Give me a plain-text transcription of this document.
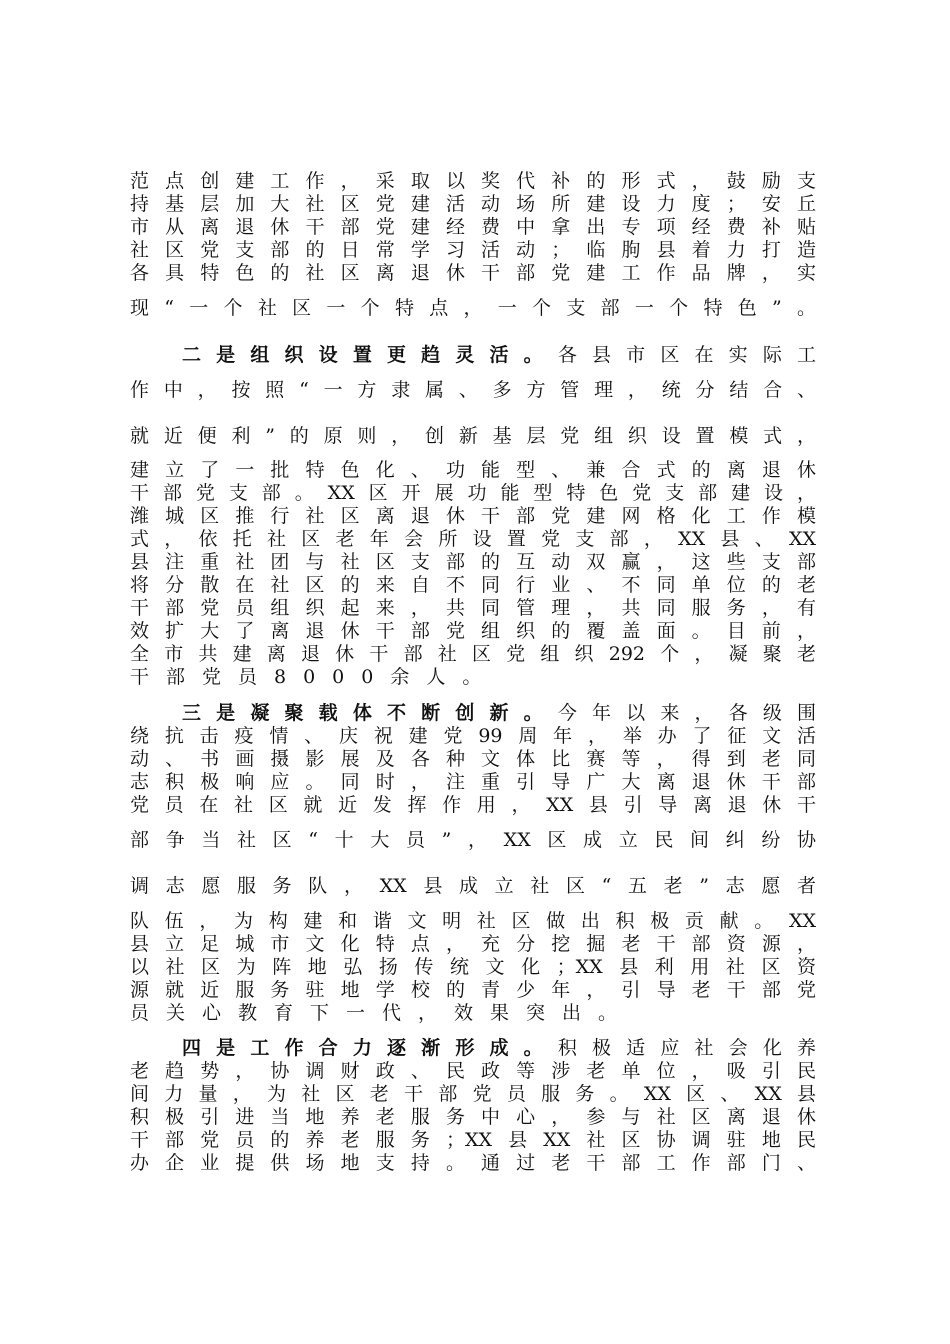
范点创建工作，采取以奖代补的形式，鼓励支
持基层加大社区党建活动场所建设力度；安丘
市从离退休干部党建经费中拿出专项经费补贴
社区党支部的日常学习活动；临朐县着力打造
各具特色的社区离退休干部党建工作品牌，实
现“一个社区一个特点，一个支部一个特色”。
二是组织设置更趋灵活。各县市区在实际工
作中，按照“一方隶属、多方管理，统分结合、
就近便利”的原则，创新基层党组织设置模式，
建立了一批特色化、功能型、兼合式的离退休
干部党支部。XX区开展功能型特色党支部建设，
潍城区推行社区离退休干部党建网格化工作模
式，依托社区老年会所设置党支部，XX县、XX
县注重社团与社区支部的互动双赢，这些支部
将分散在社区的来自不同行业、不同单位的老
干部党员组织起来，共同管理，共同服务，有
效扩大了离退休干部党组织的覆盖面。目前，
全市共建离退休干部社区党组织292个，凝聚老
干部党员8000余人。
三是凝聚载体不断创新。今年以来，各级围
绕抗击疫情、庆祝建党99周年，举办了征文活
动、书画摄影展及各种文体比赛等，得到老同
志积极响应。同时，注重引导广大离退休干部
党员在社区就近发挥作用，XX县引导离退休干
部争当社区“十大员”，XX区成立民间纠纷协
调志愿服务队，XX县成立社区“五老”志愿者
队伍，为构建和谐文明社区做出积极贡献。XX
县立足城市文化特点，充分挖掘老干部资源，
以社区为阵地弘扬传统文化；XX县利用社区资
源就近服务驻地学校的青少年，引导老干部党
员关心教育下一代，效果突出。
四是工作合力逐渐形成。积极适应社会化养
老趋势，协调财政、民政等涉老单位，吸引民
间力量，为社区老干部党员服务。XX区、XX县
积极引进当地养老服务中心，参与社区离退休
干部党员的养老服务；XX县XX社区协调驻地民
办企业提供场地支持。通过老干部工作部门、
